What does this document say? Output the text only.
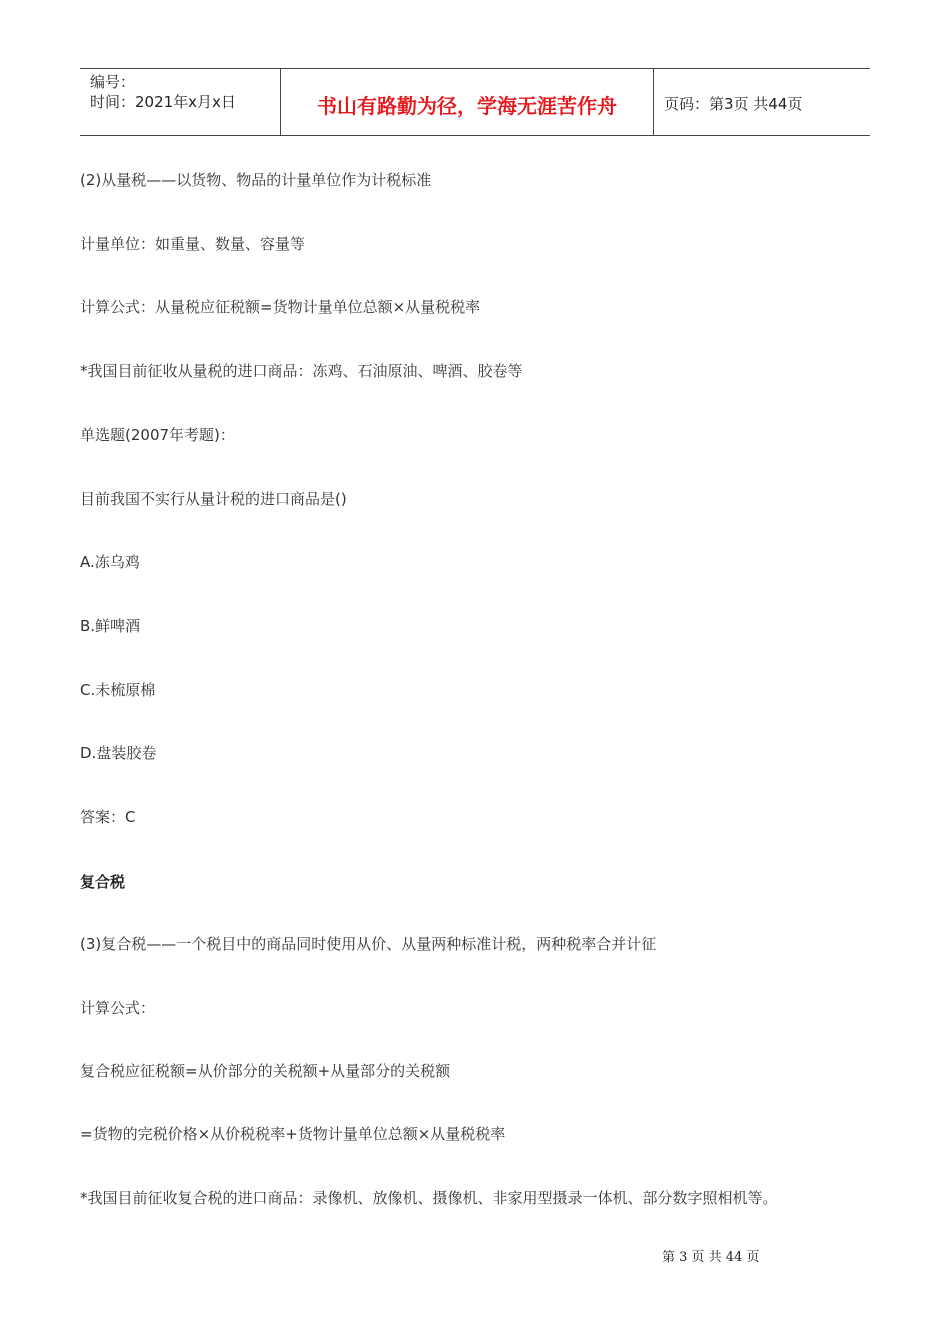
编号：
时间：2021年x月x日	书山有路勤为径，学海无涯苦作舟	页码：第3页 共44页
(2)从量税——以货物、物品的计量单位作为计税标准
计量单位：如重量、数量、容量等
计算公式：从量税应征税额=货物计量单位总额×从量税税率
*我国目前征收从量税的进口商品：冻鸡、石油原油、啤酒、胶卷等
单选题(2007年考题)：
目前我国不实行从量计税的进口商品是()
A.冻乌鸡
B.鲜啤酒
C.未梳原棉
D.盘装胶卷
答案：C
复合税
(3)复合税——一个税目中的商品同时使用从价、从量两种标准计税，两种税率合并计征
计算公式：
复合税应征税额=从价部分的关税额+从量部分的关税额
=货物的完税价格×从价税税率+货物计量单位总额×从量税税率
*我国目前征收复合税的进口商品：录像机、放像机、摄像机、非家用型摄录一体机、部分数字照相机等。
第 3 页 共 44 页
